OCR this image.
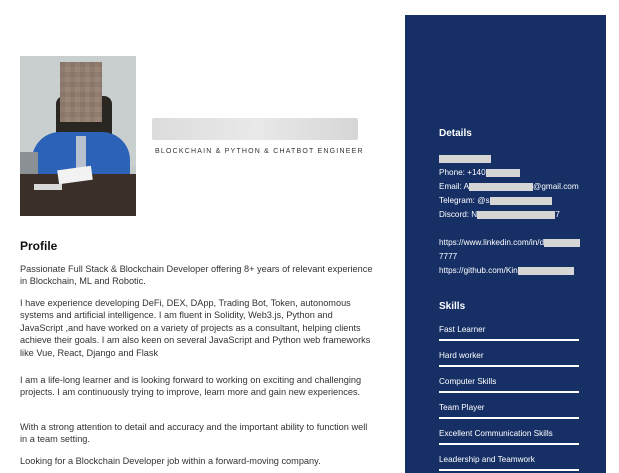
BLOCKCHAIN & PYTHON & CHATBOT ENGINEER
Profile

Passionate Full Stack & Blockchain Developer offering 8+ years of relevant experience in Blockchain, ML and Robotic.

I have experience developing DeFi, DEX, DApp, Trading Bot, Token, autonomous systems and artificial intelligence. I am fluent in Solidity, Web3.js, Python and JavaScript ,and have worked on a variety of projects as a consultant, helping clients achieve their goals. I am also keen on several JavaScript and Python web frameworks like Vue, React, Django and Flask

I am a life-long learner and is looking forward to working on exciting and challenging projects. I am continuously trying to improve, learn more and gain new experiences.

With a strong attention to detail and accuracy and the important ability to function well in a team setting.

Looking for a Blockchain Developer job within a forward-moving company.

Details
Phone: +140
Email: A	@gmail.com
Telegram: @s
Discord: N	7
https://www.linkedin.com/in/d
7777
https://github.com/Kin
Skills
Fast Learner
Hard worker
Computer Skills
Team Player
Excellent Communication Skills
Leadership and Teamwork
